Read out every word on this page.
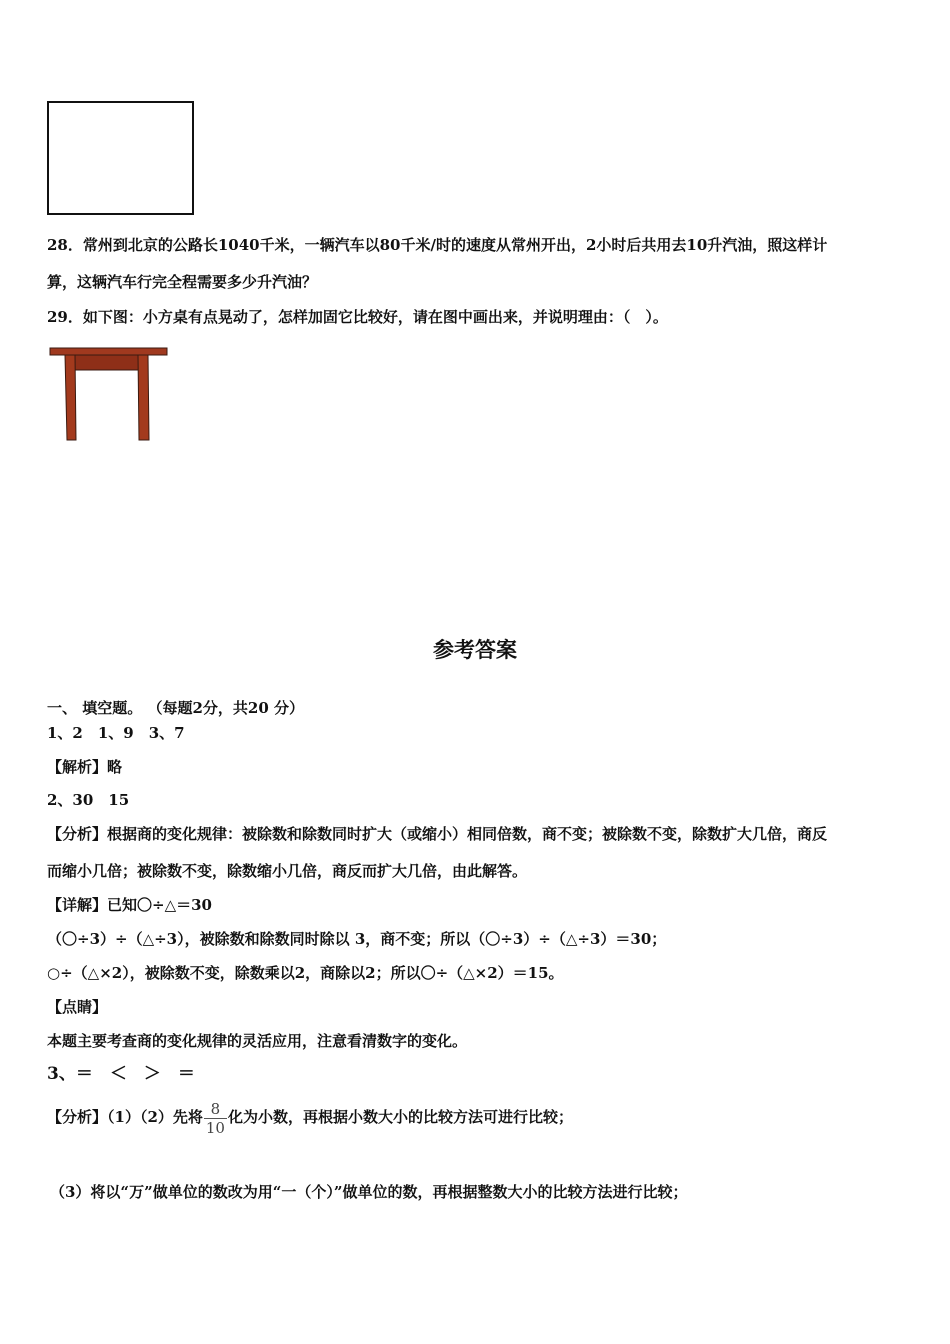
28．常州到北京的公路长1040千米，一辆汽车以80千米/时的速度从常州开出，2小时后共用去10升汽油，照这样计
算，这辆汽车行完全程需要多少升汽油？
29．如下图：小方桌有点晃动了，怎样加固它比较好，请在图中画出来，并说明理由：（　）。
参考答案
一、 填空题。 （每题2分，共20 分）
1、2　1、9　3、7
【解析】略
2、30　15
【分析】根据商的变化规律：被除数和除数同时扩大（或缩小）相同倍数，商不变；被除数不变，除数扩大几倍，商反
而缩小几倍；被除数不变，除数缩小几倍，商反而扩大几倍，由此解答。
【详解】已知〇÷△＝30
（〇÷3）÷（△÷3），被除数和除数同时除以 3，商不变；所以（〇÷3）÷（△÷3）＝30；
○÷（△×2），被除数不变，除数乘以2，商除以2；所以〇÷（△×2）＝15。
【点睛】
本题主要考查商的变化规律的灵活应用，注意看清数字的变化。
3、＝　＜　＞　＝
【分析】（1）（2）先将 $\frac{8}{10}$ 化为小数，再根据小数大小的比较方法可进行比较；
（3）将以“万”做单位的数改为用“一（个）”做单位的数，再根据整数大小的比较方法进行比较；
